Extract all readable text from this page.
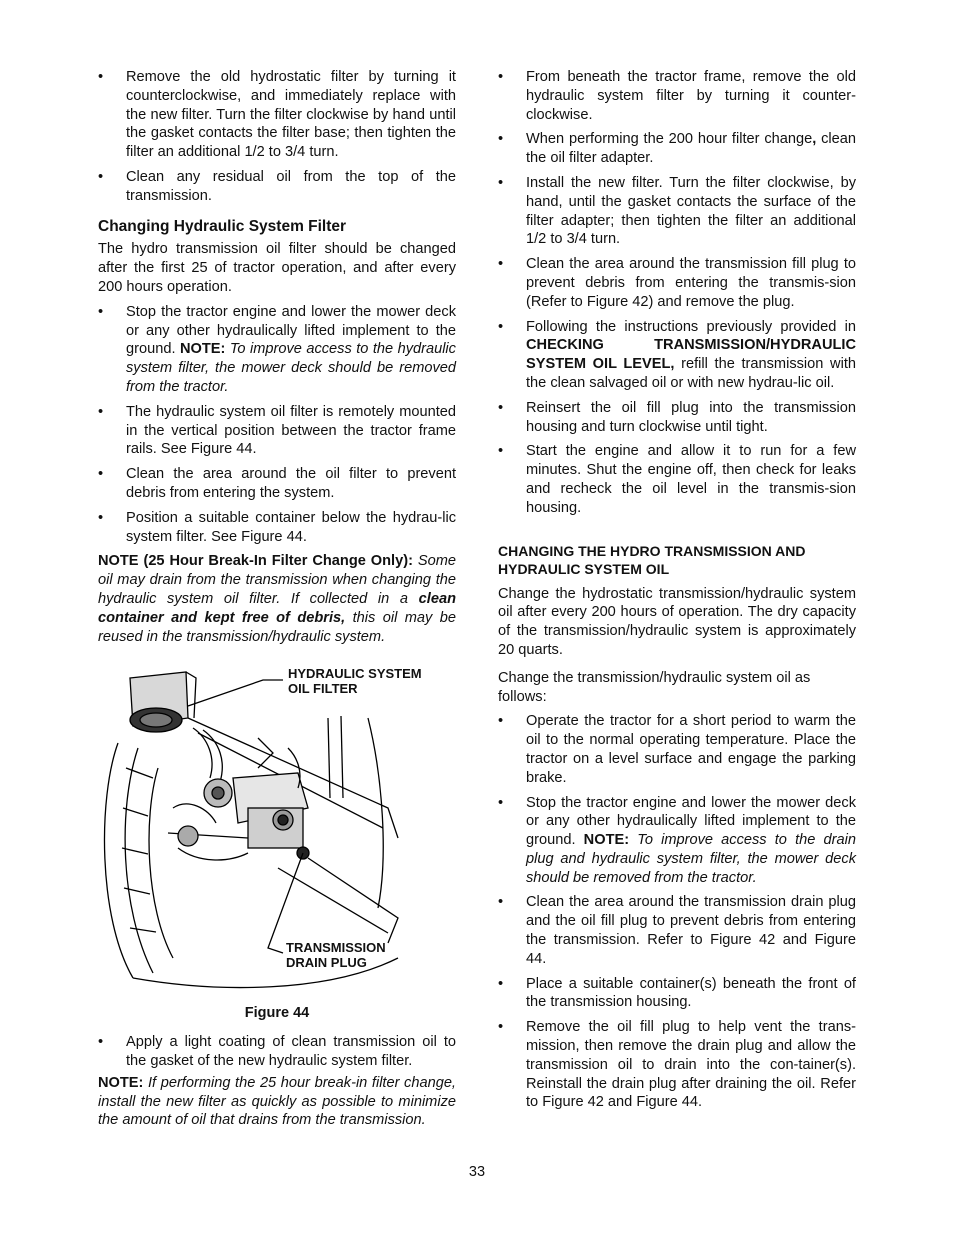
• Remove the old hydrostatic filter by turning it counterclockwise, and immediately replace with the new filter. Turn the filter clockwise by hand until the gasket contacts the filter base; then tighten the filter an additional 1/2 to 3/4 turn.
• Clean any residual oil from the top of the transmission.
Changing Hydraulic System Filter

The hydro transmission oil filter should be changed after the first 25 of tractor operation, and after every 200 hours operation.

• Stop the tractor engine and lower the mower deck or any other hydraulically lifted implement to the ground. NOTE: To improve access to the hydraulic system filter, the mower deck should be removed from the tractor.
• The hydraulic system oil filter is remotely mounted in the vertical position between the tractor frame rails. See Figure 44.
• Clean the area around the oil filter to prevent debris from entering the system.
• Position a suitable container below the hydrau-lic system filter. See Figure 44.

NOTE (25 Hour Break-In Filter Change Only): Some oil may drain from the transmission when changing the hydraulic system oil filter. If collected in a clean container and kept free of debris, this oil may be reused in the transmission/hydraulic system.

HYDRAULIC SYSTEM
OIL FILTER
TRANSMISSION
DRAIN PLUG
Figure 44
• Apply a light coating of clean transmission oil to the gasket of the new hydraulic system filter.

NOTE: If performing the 25 hour break-in filter change, install the new filter as quickly as possible to minimize the amount of oil that drains from the transmission.

• From beneath the tractor frame, remove the old hydraulic system filter by turning it counter-clockwise.
• When performing the 200 hour filter change, clean the oil filter adapter.
• Install the new filter. Turn the filter clockwise, by hand, until the gasket contacts the surface of the filter adapter; then tighten the filter an additional 1/2 to 3/4 turn.
• Clean the area around the transmission fill plug to prevent debris from entering the transmis-sion (Refer to Figure 42) and remove the plug.
• Following the instructions previously provided in CHECKING TRANSMISSION/HYDRAULIC SYSTEM OIL LEVEL, refill the transmission with the clean salvaged oil or with new hydrau-lic oil.
• Reinsert the oil fill plug into the transmission housing and turn clockwise until tight.
• Start the engine and allow it to run for a few minutes. Shut the engine off, then check for leaks and recheck the oil level in the transmis-sion housing.
CHANGING THE HYDRO TRANSMISSION AND HYDRAULIC SYSTEM OIL

Change the hydrostatic transmission/hydraulic system oil after every 200 hours of operation. The dry capacity of the transmission/hydraulic system is approximately 20 quarts.

Change the transmission/hydraulic system oil as follows:

• Operate the tractor for a short period to warm the oil to the normal operating temperature. Place the tractor on a level surface and engage the parking brake.
• Stop the tractor engine and lower the mower deck or any other hydraulically lifted implement to the ground. NOTE: To improve access to the drain plug and hydraulic system filter, the mower deck should be removed from the tractor.
• Clean the area around the transmission drain plug and the oil fill plug to prevent debris from entering the transmission. Refer to Figure 42 and Figure 44.
• Place a suitable container(s) beneath the front of the transmission housing.
• Remove the oil fill plug to help vent the trans-mission, then remove the drain plug and allow the transmission oil to drain into the con-tainer(s). Reinstall the drain plug after draining the oil. Refer to Figure 42 and Figure 44.
33
